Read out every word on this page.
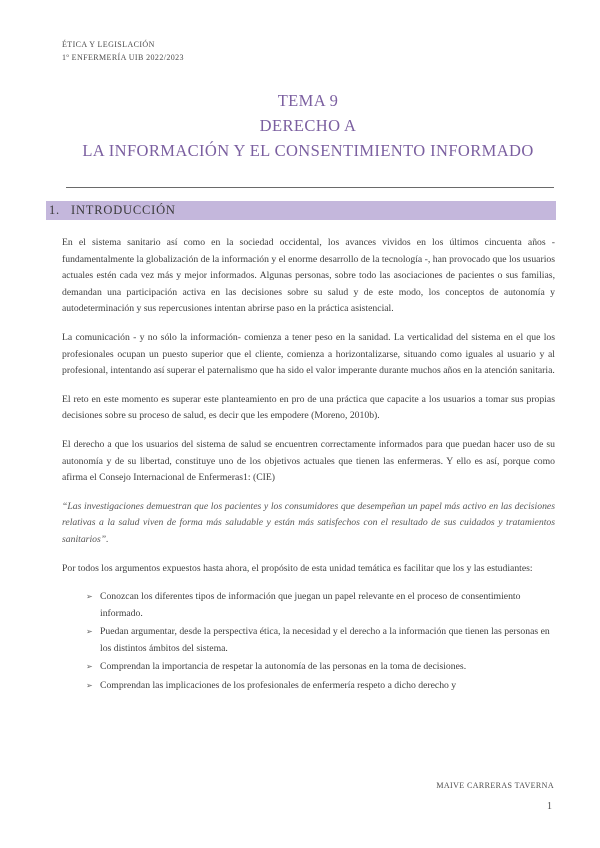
ÉTICA Y LEGISLACIÓN
1º ENFERMERÍA UIB 2022/2023
TEMA 9
DERECHO A
LA INFORMACIÓN Y EL CONSENTIMIENTO INFORMADO
1. INTRODUCCIÓN

En el sistema sanitario así como en la sociedad occidental, los avances vividos en los últimos cincuenta años - fundamentalmente la globalización de la información y el enorme desarrollo de la tecnología -, han provocado que los usuarios actuales estén cada vez más y mejor informados. Algunas personas, sobre todo las asociaciones de pacientes o sus familias, demandan una participación activa en las decisiones sobre su salud y de este modo, los conceptos de autonomía y autodeterminación y sus repercusiones intentan abrirse paso en la práctica asistencial.

La comunicación - y no sólo la información- comienza a tener peso en la sanidad. La verticalidad del sistema en el que los profesionales ocupan un puesto superior que el cliente, comienza a horizontalizarse, situando como iguales al usuario y al profesional, intentando así superar el paternalismo que ha sido el valor imperante durante muchos años en la atención sanitaria.

El reto en este momento es superar este planteamiento en pro de una práctica que capacite a los usuarios a tomar sus propias decisiones sobre su proceso de salud, es decir que les empodere (Moreno, 2010b).

El derecho a que los usuarios del sistema de salud se encuentren correctamente informados para que puedan hacer uso de su autonomía y de su libertad, constituye uno de los objetivos actuales que tienen las enfermeras. Y ello es así, porque como afirma el Consejo Internacional de Enfermeras1: (CIE)

“Las investigaciones demuestran que los pacientes y los consumidores que desempeñan un papel más activo en las decisiones relativas a la salud viven de forma más saludable y están más satisfechos con el resultado de sus cuidados y tratamientos sanitarios”.

Por todos los argumentos expuestos hasta ahora, el propósito de esta unidad temática es facilitar que los y las estudiantes:

➢ Conozcan los diferentes tipos de información que juegan un papel relevante en el proceso de consentimiento informado.
➢ Puedan argumentar, desde la perspectiva ética, la necesidad y el derecho a la información que tienen las personas en los distintos ámbitos del sistema.
➢ Comprendan la importancia de respetar la autonomía de las personas en la toma de decisiones.
➢ Comprendan las implicaciones de los profesionales de enfermería respeto a dicho derecho y
MAIVE CARRERAS TAVERNA
1
